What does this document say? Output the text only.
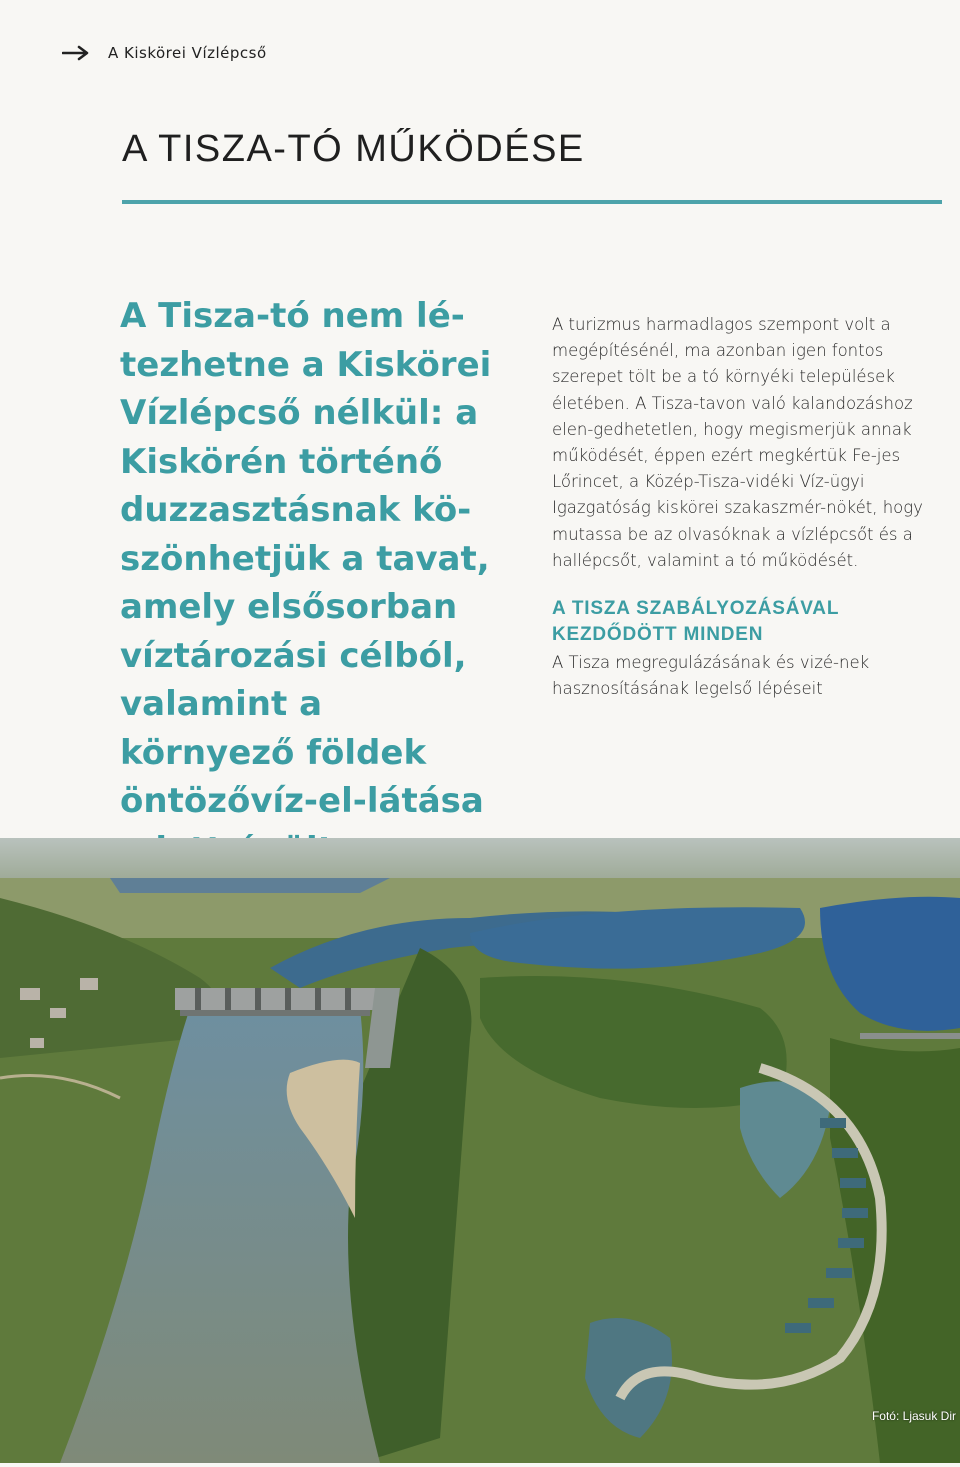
A Kiskörei Vízlépcső
A TISZA-TÓ MŰKÖDÉSE

A Tisza-tó nem lé-tezhetne a Kiskörei Vízlépcső nélkül: a Kiskörén történő duzzasztásnak kö-szönhetjük a tavat, amely elsősorban víztározási célból, valamint a környező földek öntözővíz-el-látása

A turizmus harmadlagos szempont volt a megépítésénél, ma azonban igen fontos szerepet tölt be a tó környéki települések életében. A Tisza-tavon való kalandozáshoz elen-gedhetetlen, hogy megismerjük annak működését, éppen ezért megkértük Fe-jes Lőrincet, a Közép-Tisza-vidéki Víz-ügyi Igazgatóság kiskörei szakaszmér-nökét, hogy mutassa be az olvasóknak a vízlépcsőt és a hallépcsőt, valamint a tó működését.

A TISZA SZABÁLYOZÁSÁVAL KEZDŐDÖTT MINDEN

A Tisza megregulázásának és vizé-nek hasznosításának legelső lépéseit

Fotó: Ljasuk Dir
